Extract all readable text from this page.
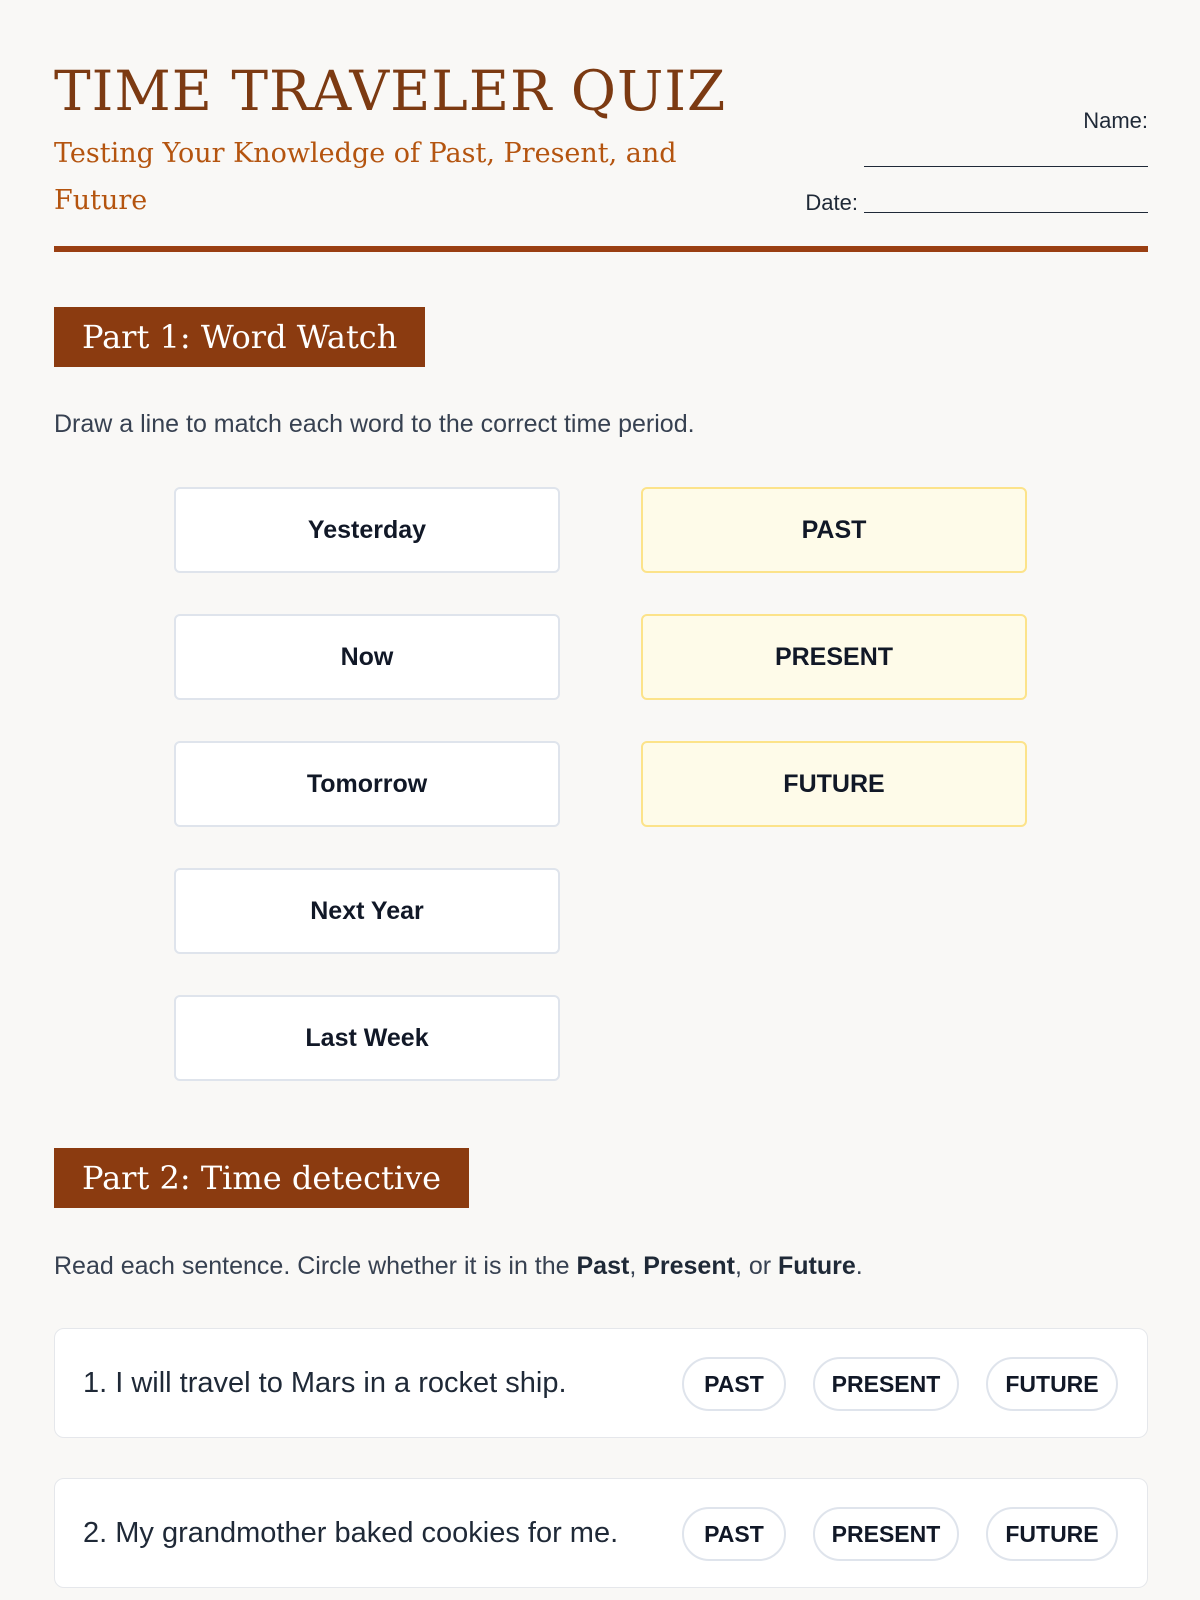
TIME TRAVELER QUIZ
Testing Your Knowledge of Past, Present, and Future
Name:
Date:
Part 1: Word Watch
Draw a line to match each word to the correct time period.
Yesterday
Now
Tomorrow
Next Year
Last Week
PAST
PRESENT
FUTURE
Part 2: Time detective
Read each sentence. Circle whether it is in the Past, Present, or Future.
1. I will travel to Mars in a rocket ship.	PAST	PRESENT	FUTURE
2. My grandmother baked cookies for me.	PAST	PRESENT	FUTURE
